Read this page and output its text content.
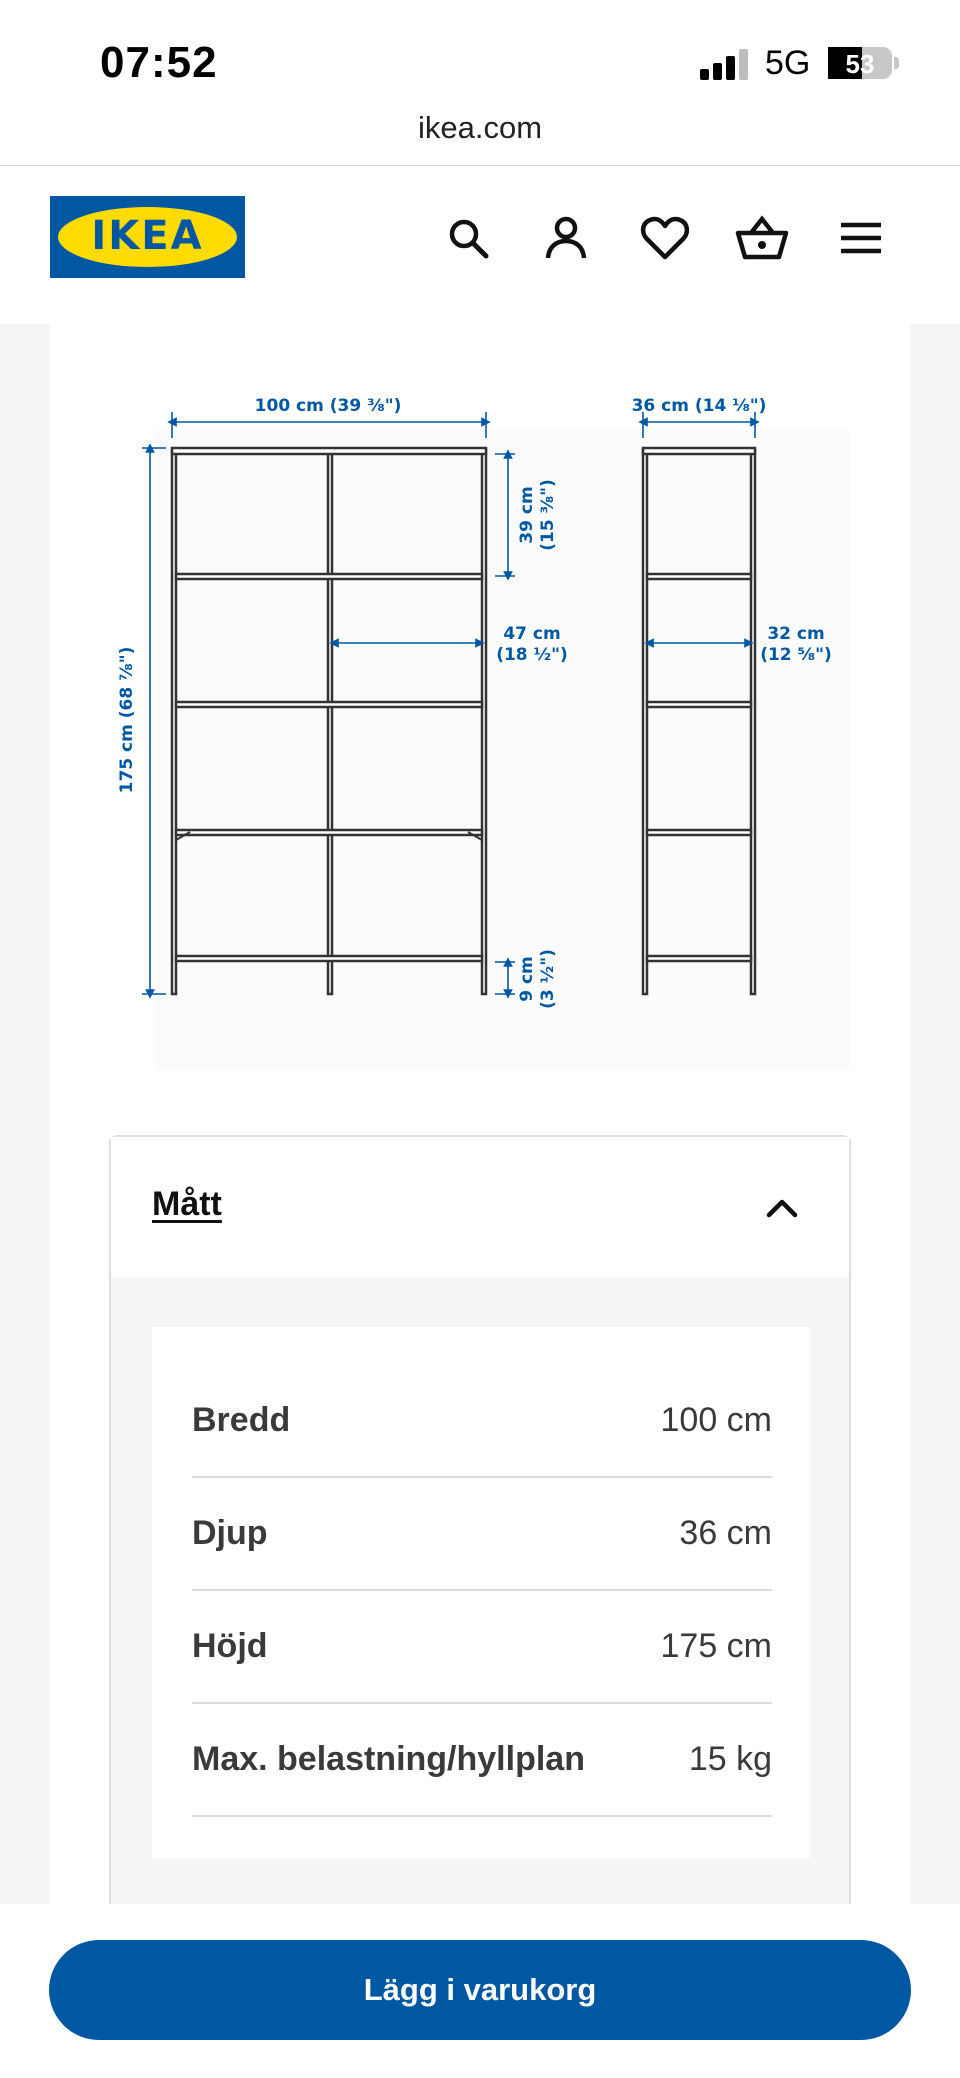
07:52	5G	53
ikea.com
IKEA
100 cm (39 ⅜")	36 cm (14 ⅛")
175 cm (68 ⅞")
39 cm (15 ⅜")
47 cm
(18 ½")
32 cm
(12 ⅝")
9 cm (3 ½")
Mått
Bredd	100 cm
Djup	36 cm
Höjd	175 cm
Max. belastning/hyllplan	15 kg
Lägg i varukorg
